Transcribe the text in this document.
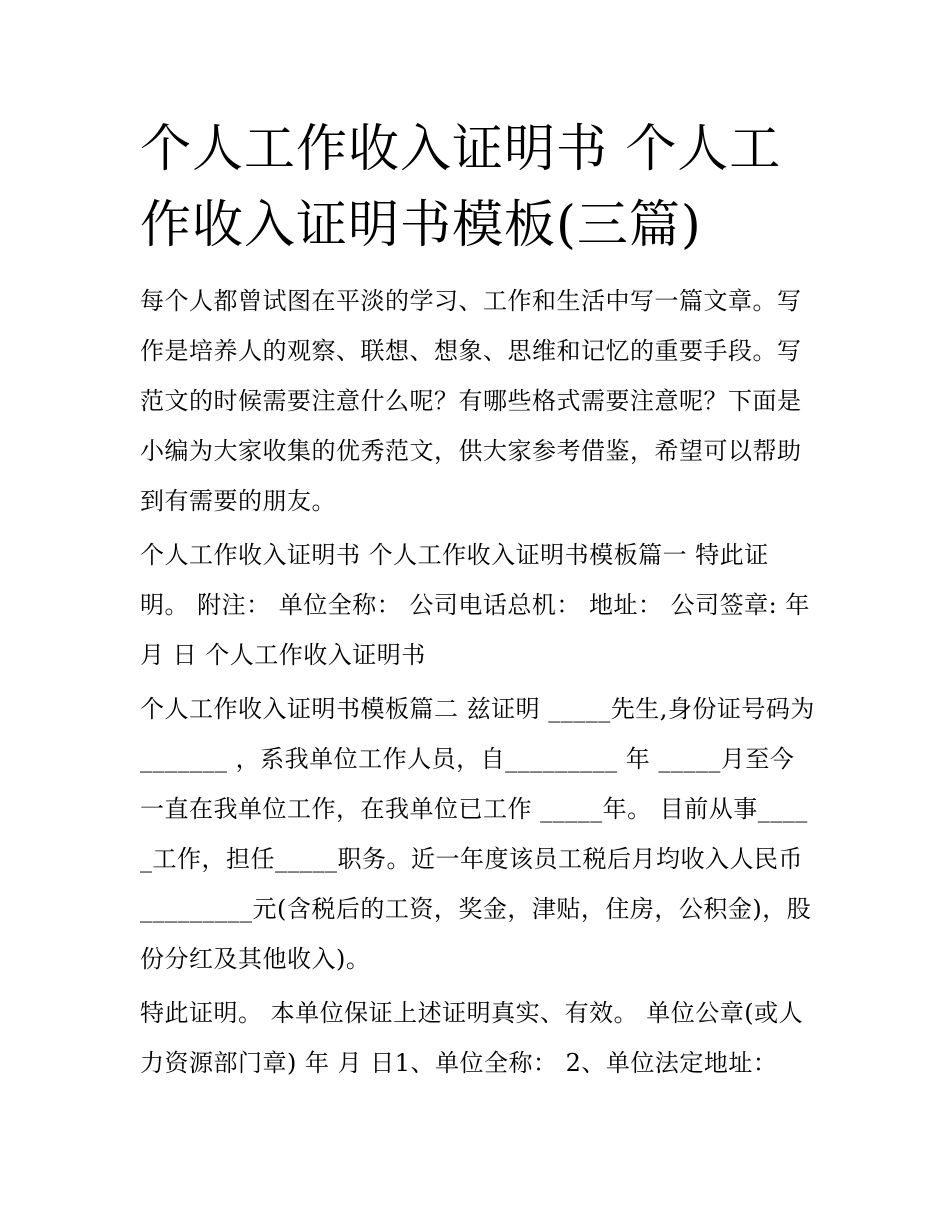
个人工作收入证明书 个人工作收入证明书模板(三篇)

每个人都曾试图在平淡的学习、工作和生活中写一篇文章。写作是培养人的观察、联想、想象、思维和记忆的重要手段。写范文的时候需要注意什么呢？有哪些格式需要注意呢？下面是小编为大家收集的优秀范文，供大家参考借鉴，希望可以帮助到有需要的朋友。

个人工作收入证明书 个人工作收入证明书模板篇一 特此证明。 附注： 单位全称： 公司电话总机： 地址： 公司签章: 年 月 日 个人工作收入证明书

个人工作收入证明书模板篇二 兹证明 _____先生,身份证号码为_______ ，系我单位工作人员，自_________ 年 _____月至今一直在我单位工作，在我单位已工作 _____年。 目前从事_____工作，担任_____职务。近一年度该员工税后月均收入人民币_________元(含税后的工资，奖金，津贴，住房，公积金)，股份分红及其他收入)。

特此证明。 本单位保证上述证明真实、有效。 单位公章(或人力资源部门章) 年 月 日1、单位全称： 2、单位法定地址：
